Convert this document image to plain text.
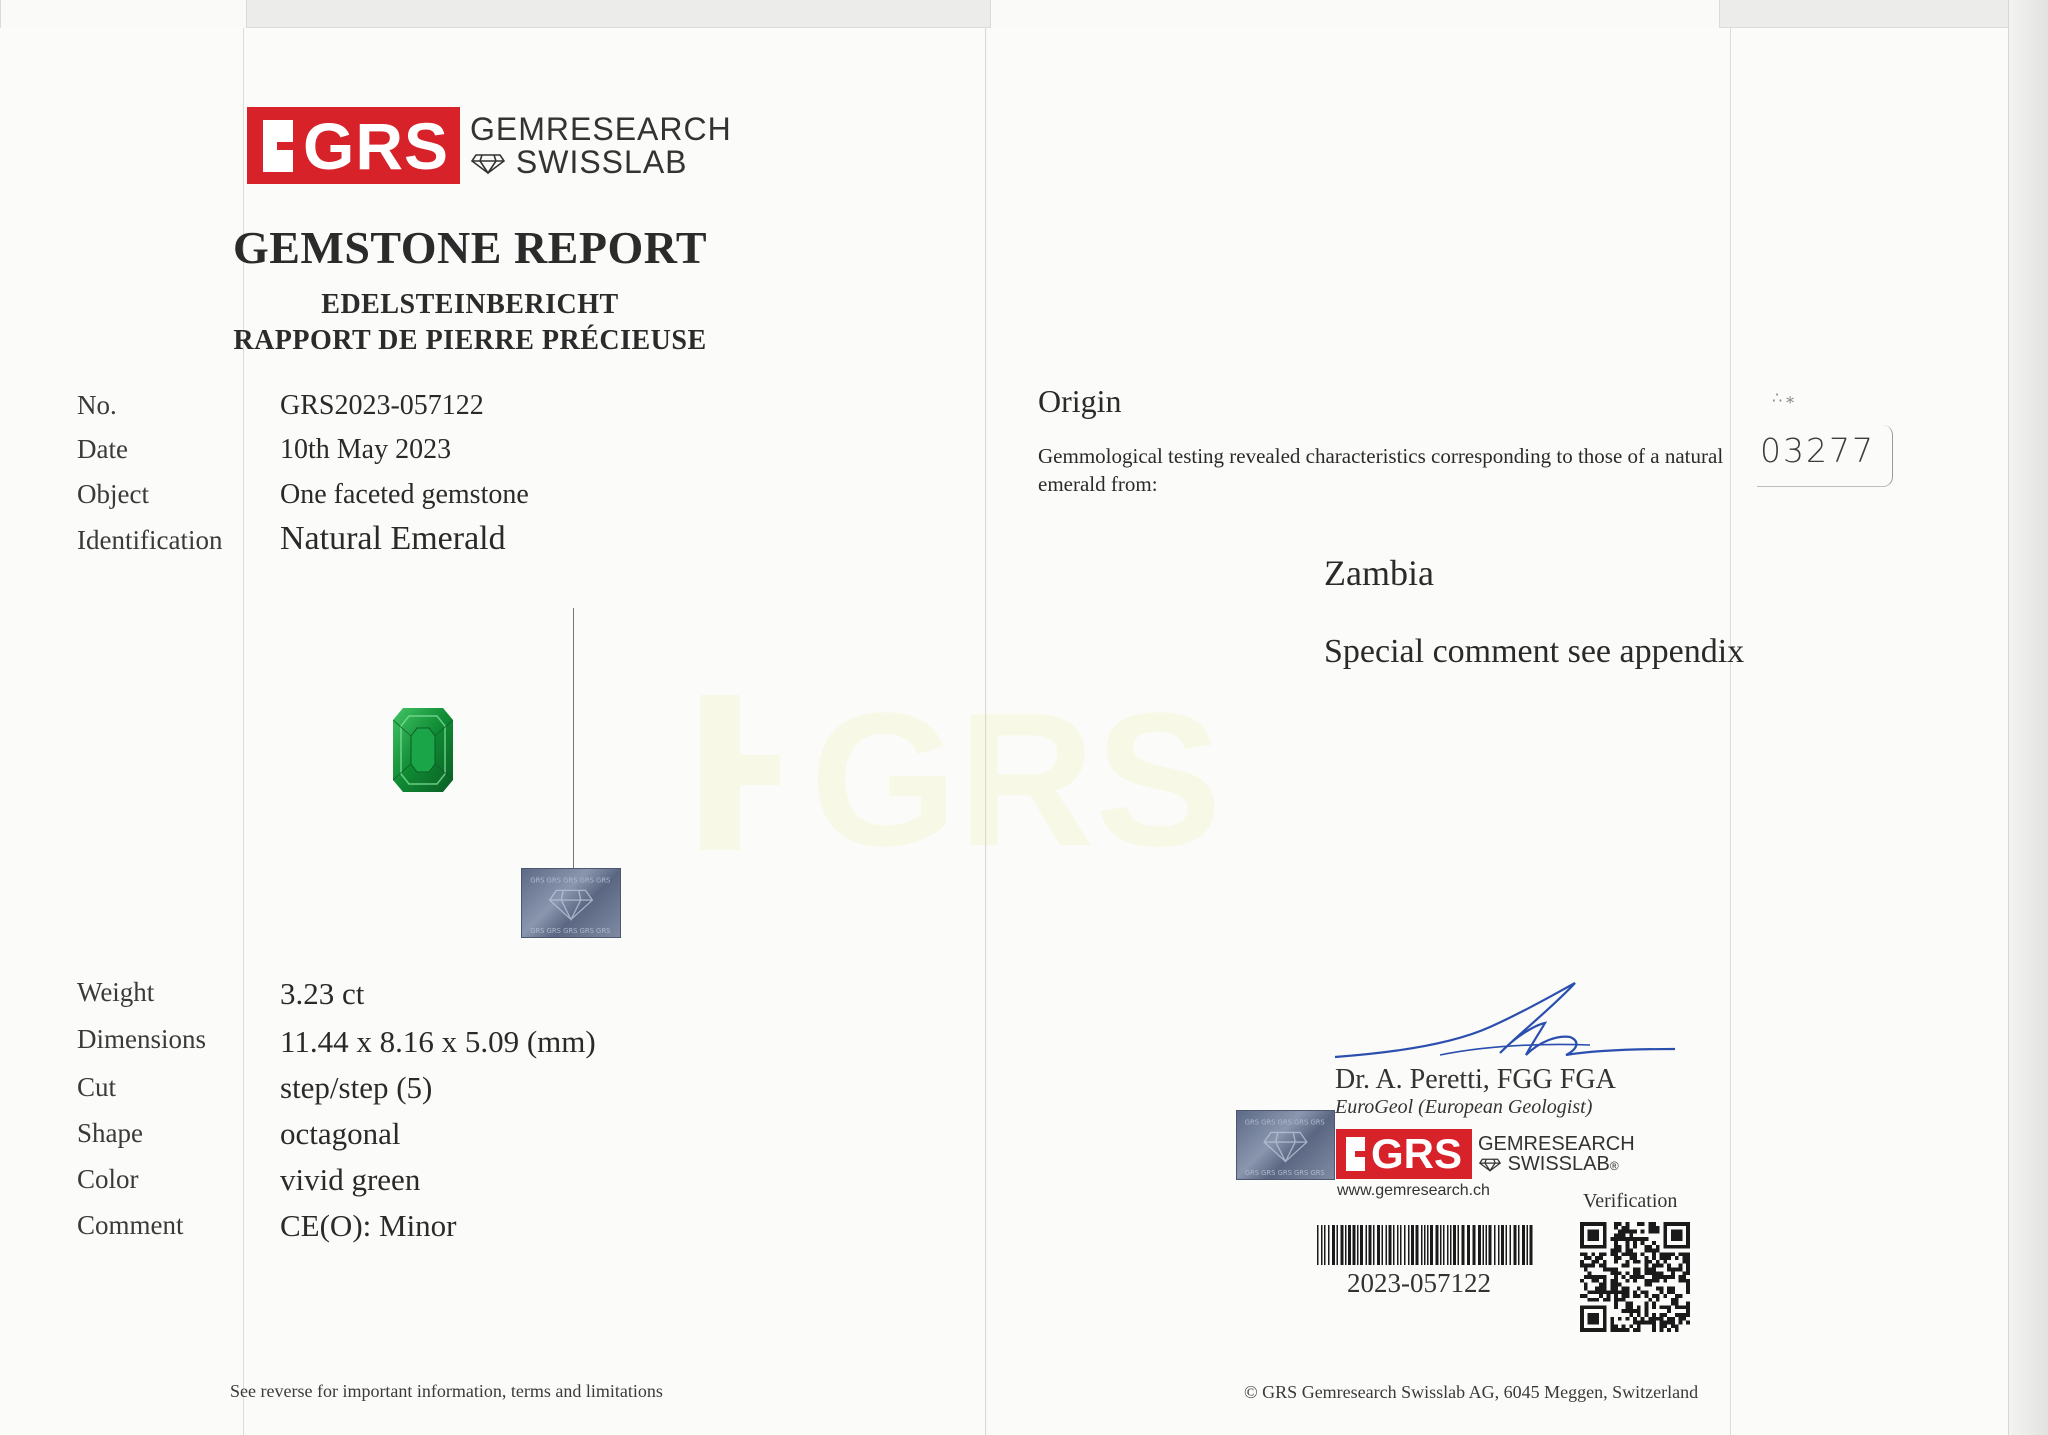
GRS
GRS GEMRESEARCH
SWISSLAB
GEMSTONE REPORT
EDELSTEINBERICHT
RAPPORT DE PIERRE PRÉCIEUSE
No.	GRS2023-057122
Date	10th May 2023
Object	One faceted gemstone
Identification Natural Emerald
GRS GRS GRS GRS GRS
GRS GRS GRS GRS GRS
Weight	3.23 ct
Dimensions 11.44 x 8.16 x 5.09 (mm)
Cut	step/step (5)
Shape	octagonal
Color	vivid green
Comment	CE(O): Minor
See reverse for important information, terms and limitations
Origin
Gemmological testing revealed characteristics corresponding to those of a natural emerald from:
∴ ⁎
03277
Zambia
Special comment see appendix
Dr. A. Peretti, FGG FGA
EuroGeol (European Geologist)
GRS GRS GRS GRS GRS
GRS GRS GRS GRS GRS GRS GEMRESEARCH
SWISSLAB®
www.gemresearch.ch	Verification
2023-057122
© GRS Gemresearch Swisslab AG, 6045 Meggen, Switzerland
